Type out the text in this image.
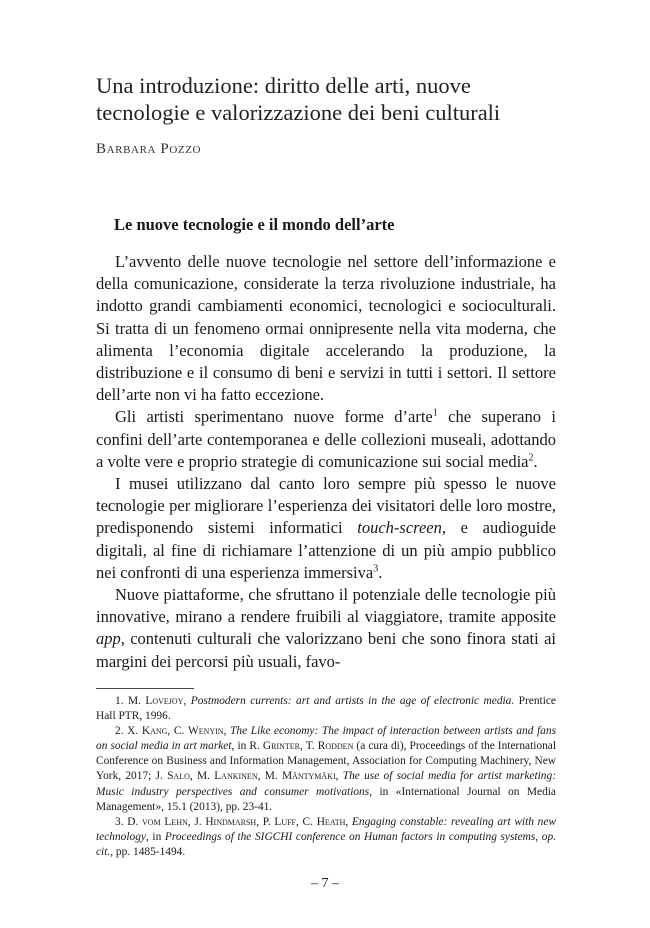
Una introduzione: diritto delle arti, nuove tecnologie e valorizzazione dei beni culturali
Barbara Pozzo
Le nuove tecnologie e il mondo dell’arte

L’avvento delle nuove tecnologie nel settore dell’informazione e della comunicazione, considerate la terza rivoluzione industriale, ha indotto grandi cambiamenti economici, tecnologici e socioculturali. Si tratta di un fenomeno ormai onnipresente nella vita moderna, che alimenta l’economia digitale accelerando la produzione, la distribuzione e il consumo di beni e servizi in tutti i settori. Il settore dell’arte non vi ha fatto eccezione.

Gli artisti sperimentano nuove forme d’arte$^1$ che superano i confini dell’arte contemporanea e delle collezioni museali, adottando a volte vere e proprio strategie di comunicazione sui social media$^2$.

I musei utilizzano dal canto loro sempre più spesso le nuove tecnologie per migliorare l’esperienza dei visitatori delle loro mostre, predisponendo sistemi informatici touch-screen, e audioguide digitali, al fine di richiamare l’attenzione di un più ampio pubblico nei confronti di una esperienza immersiva$^3$.

Nuove piattaforme, che sfruttano il potenziale delle tecnologie più innovative, mirano a rendere fruibili al viaggiatore, tramite apposite app, contenuti culturali che valorizzano beni che sono finora stati ai margini dei percorsi più usuali, favo-

1. M. Lovejoy, Postmodern currents: art and artists in the age of electronic media. Prentice Hall PTR, 1996.

2. X. Kang, C. Wenyin, The Like economy: The impact of interaction between artists and fans on social media in art market, in R. Grinter, T. Rodden (a cura di), Proceedings of the International Conference on Business and Information Management, Association for Computing Machinery, New York, 2017; J. Salo, M. Lankinen, M. Mäntymäki, The use of social media for artist marketing: Music industry perspectives and consumer motivations, in «International Journal on Media Management», 15.1 (2013), pp. 23-41.

3. D. vom Lehn, J. Hindmarsh, P. Luff, C. Heath, Engaging constable: revealing art with new technology, in Proceedings of the SIGCHI conference on Human factors in computing systems, op. cit., pp. 1485-1494.

– 7 –
